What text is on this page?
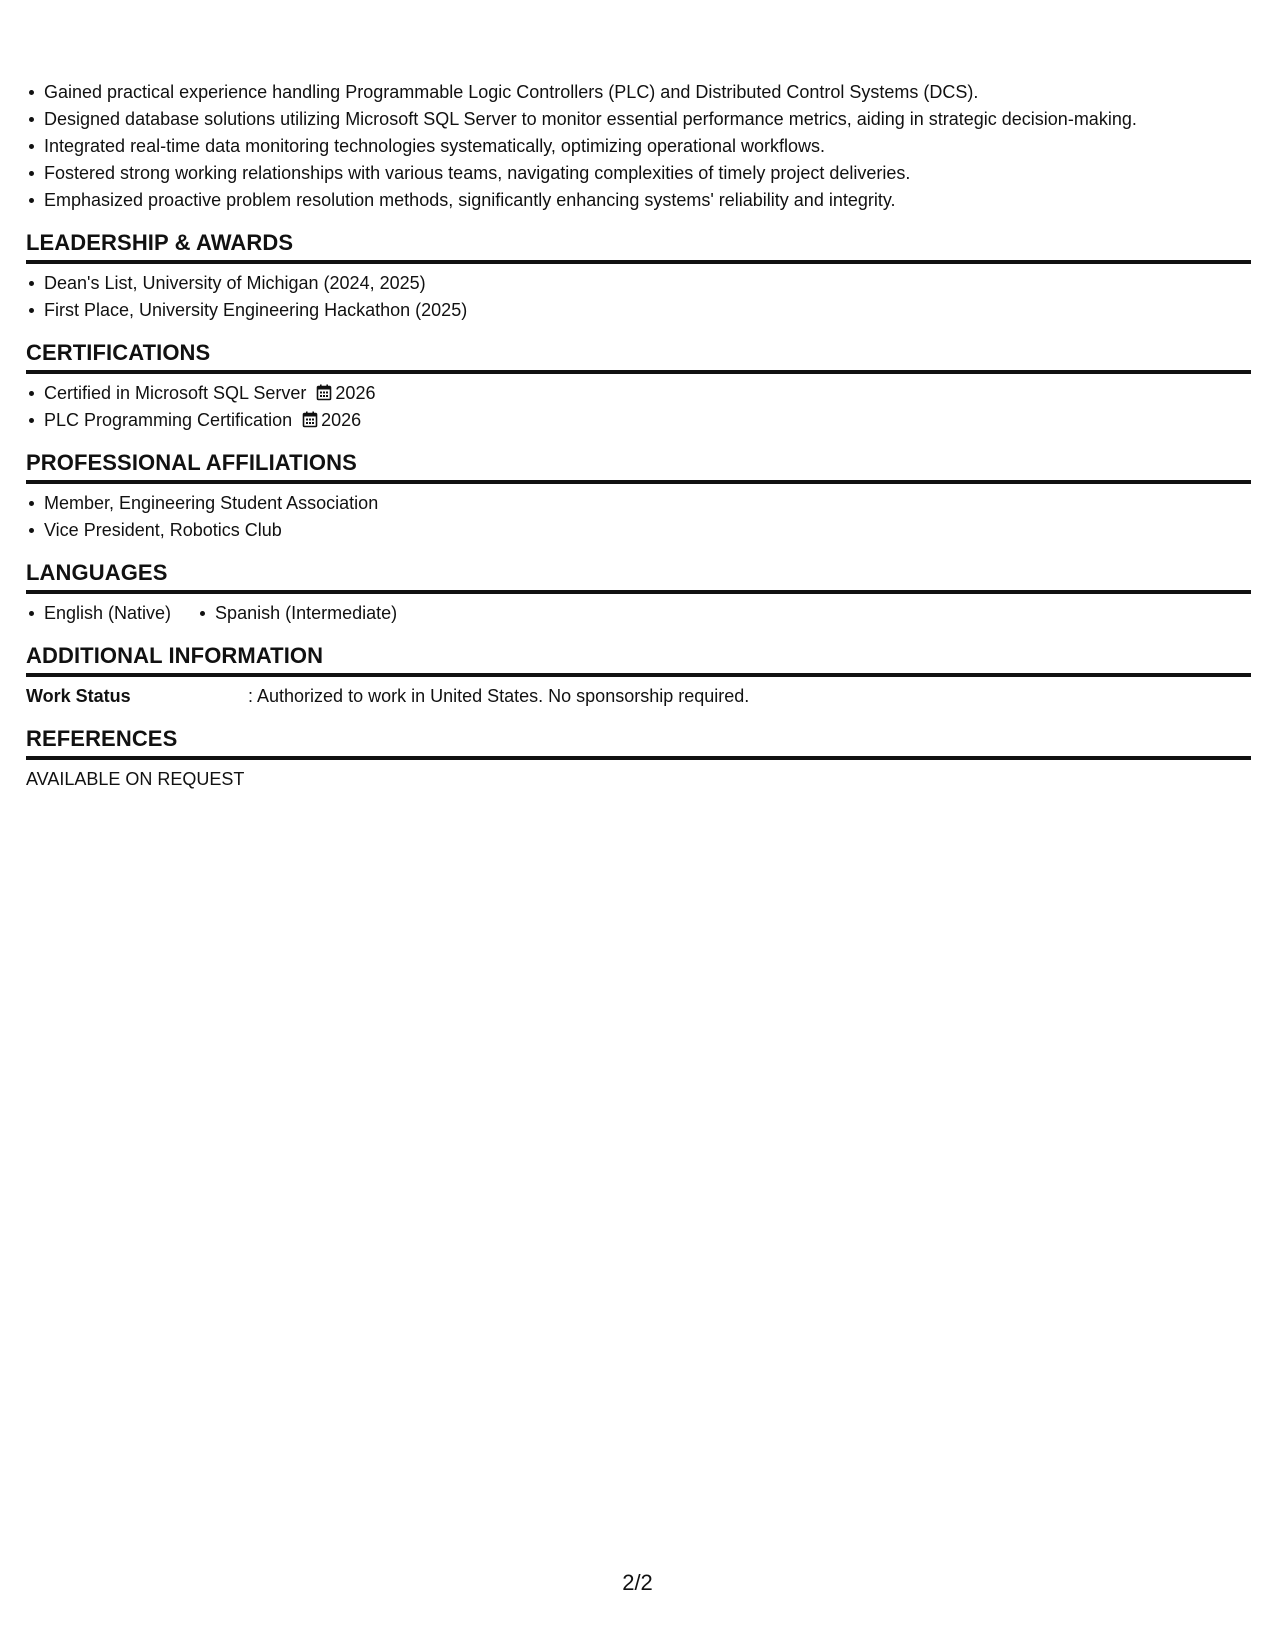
Gained practical experience handling Programmable Logic Controllers (PLC) and Distributed Control Systems (DCS).
Designed database solutions utilizing Microsoft SQL Server to monitor essential performance metrics, aiding in strategic decision-making.
Integrated real-time data monitoring technologies systematically, optimizing operational workflows.
Fostered strong working relationships with various teams, navigating complexities of timely project deliveries.
Emphasized proactive problem resolution methods, significantly enhancing systems' reliability and integrity.
LEADERSHIP & AWARDS
Dean's List, University of Michigan (2024, 2025)
First Place, University Engineering Hackathon (2025)
CERTIFICATIONS
Certified in Microsoft SQL Server 2026
PLC Programming Certification 2026
PROFESSIONAL AFFILIATIONS
Member, Engineering Student Association
Vice President, Robotics Club
LANGUAGES
English (Native)	Spanish (Intermediate)
ADDITIONAL INFORMATION
Work Status	: Authorized to work in United States. No sponsorship required.
REFERENCES
AVAILABLE ON REQUEST
2/2
